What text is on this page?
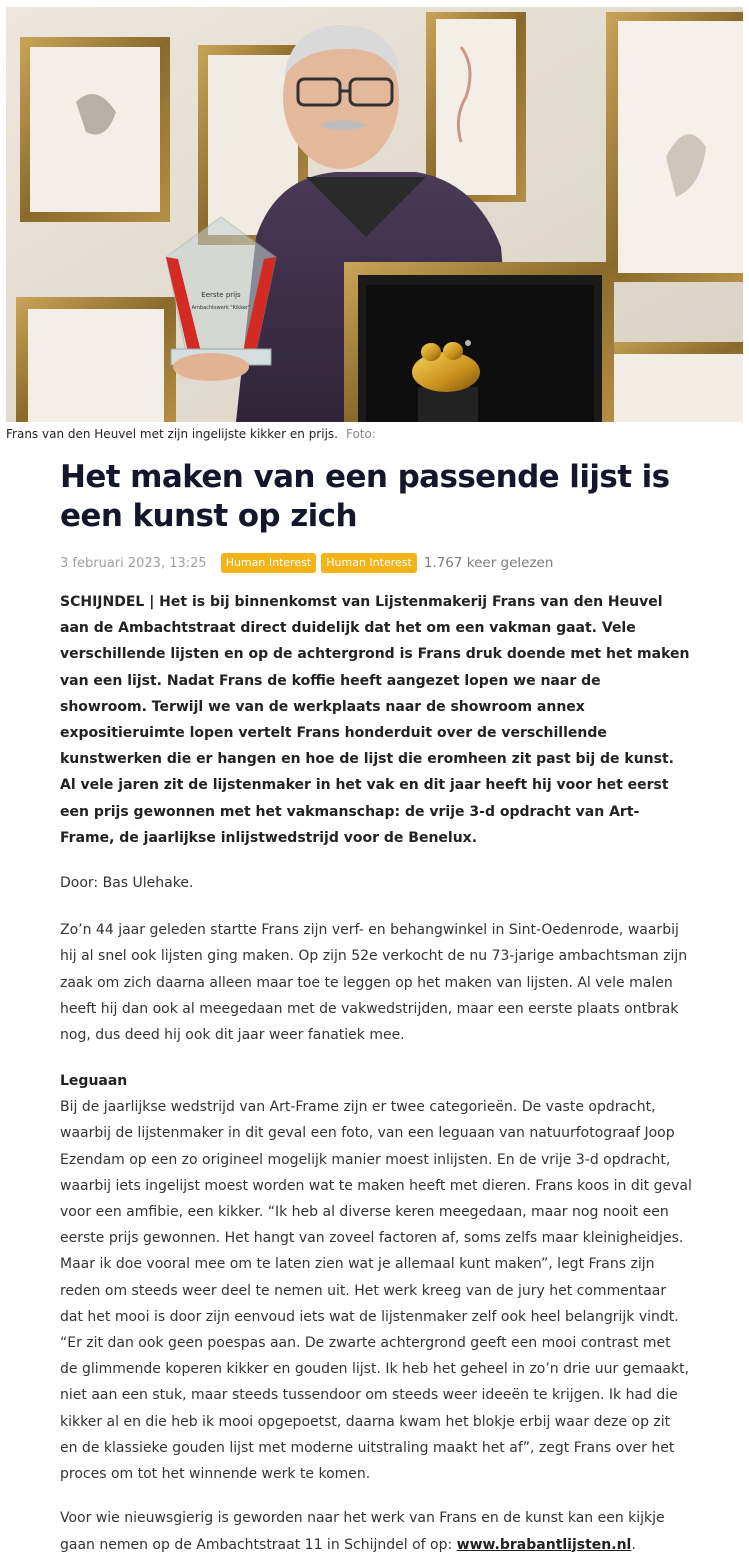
Eerste prijs
Ambachtswerk "Kikker"
Frans van den Heuvel met zijn ingelijste kikker en prijs. Foto:
Het maken van een passende lijst is een kunst op zich
3 februari 2023, 13:25	Human Interest	Human Interest 1.767 keer gelezen
SCHIJNDEL | Het is bij binnenkomst van Lijstenmakerij Frans van den Heuvel aan de Ambachtstraat direct duidelijk dat het om een vakman gaat. Vele verschillende lijsten en op de achtergrond is Frans druk doende met het maken van een lijst. Nadat Frans de koffie heeft aangezet lopen we naar de showroom. Terwijl we van de werkplaats naar de showroom annex expositieruimte lopen vertelt Frans honderduit over de verschillende kunstwerken die er hangen en hoe de lijst die eromheen zit past bij de kunst. Al vele jaren zit de lijstenmaker in het vak en dit jaar heeft hij voor het eerst een prijs gewonnen met het vakmanschap: de vrije 3-d opdracht van Art-Frame, de jaarlijkse inlijstwedstrijd voor de Benelux.

Door: Bas Ulehake.

Zo’n 44 jaar geleden startte Frans zijn verf- en behangwinkel in Sint-Oedenrode, waarbij hij al snel ook lijsten ging maken. Op zijn 52e verkocht de nu 73-jarige ambachtsman zijn zaak om zich daarna alleen maar toe te leggen op het maken van lijsten. Al vele malen heeft hij dan ook al meegedaan met de vakwedstrijden, maar een eerste plaats ontbrak nog, dus deed hij ook dit jaar weer fanatiek mee.

Leguaan

Bij de jaarlijkse wedstrijd van Art-Frame zijn er twee categorieën. De vaste opdracht, waarbij de lijstenmaker in dit geval een foto, van een leguaan van natuurfotograaf Joop Ezendam op een zo origineel mogelijk manier moest inlijsten. En de vrije 3-d opdracht, waarbij iets ingelijst moest worden wat te maken heeft met dieren. Frans koos in dit geval voor een amfibie, een kikker. “Ik heb al diverse keren meegedaan, maar nog nooit een eerste prijs gewonnen. Het hangt van zoveel factoren af, soms zelfs maar kleinigheidjes. Maar ik doe vooral mee om te laten zien wat je allemaal kunt maken”, legt Frans zijn reden om steeds weer deel te nemen uit. Het werk kreeg van de jury het commentaar dat het mooi is door zijn eenvoud iets wat de lijstenmaker zelf ook heel belangrijk vindt. “Er zit dan ook geen poespas aan. De zwarte achtergrond geeft een mooi contrast met de glimmende koperen kikker en gouden lijst. Ik heb het geheel in zo’n drie uur gemaakt, niet aan een stuk, maar steeds tussendoor om steeds weer ideeën te krijgen. Ik had die kikker al en die heb ik mooi opgepoetst, daarna kwam het blokje erbij waar deze op zit en de klassieke gouden lijst met moderne uitstraling maakt het af”, zegt Frans over het proces om tot het winnende werk te komen.

Voor wie nieuwsgierig is geworden naar het werk van Frans en de kunst kan een kijkje gaan nemen op de Ambachtstraat 11 in Schijndel of op: www.brabantlijsten.nl.
